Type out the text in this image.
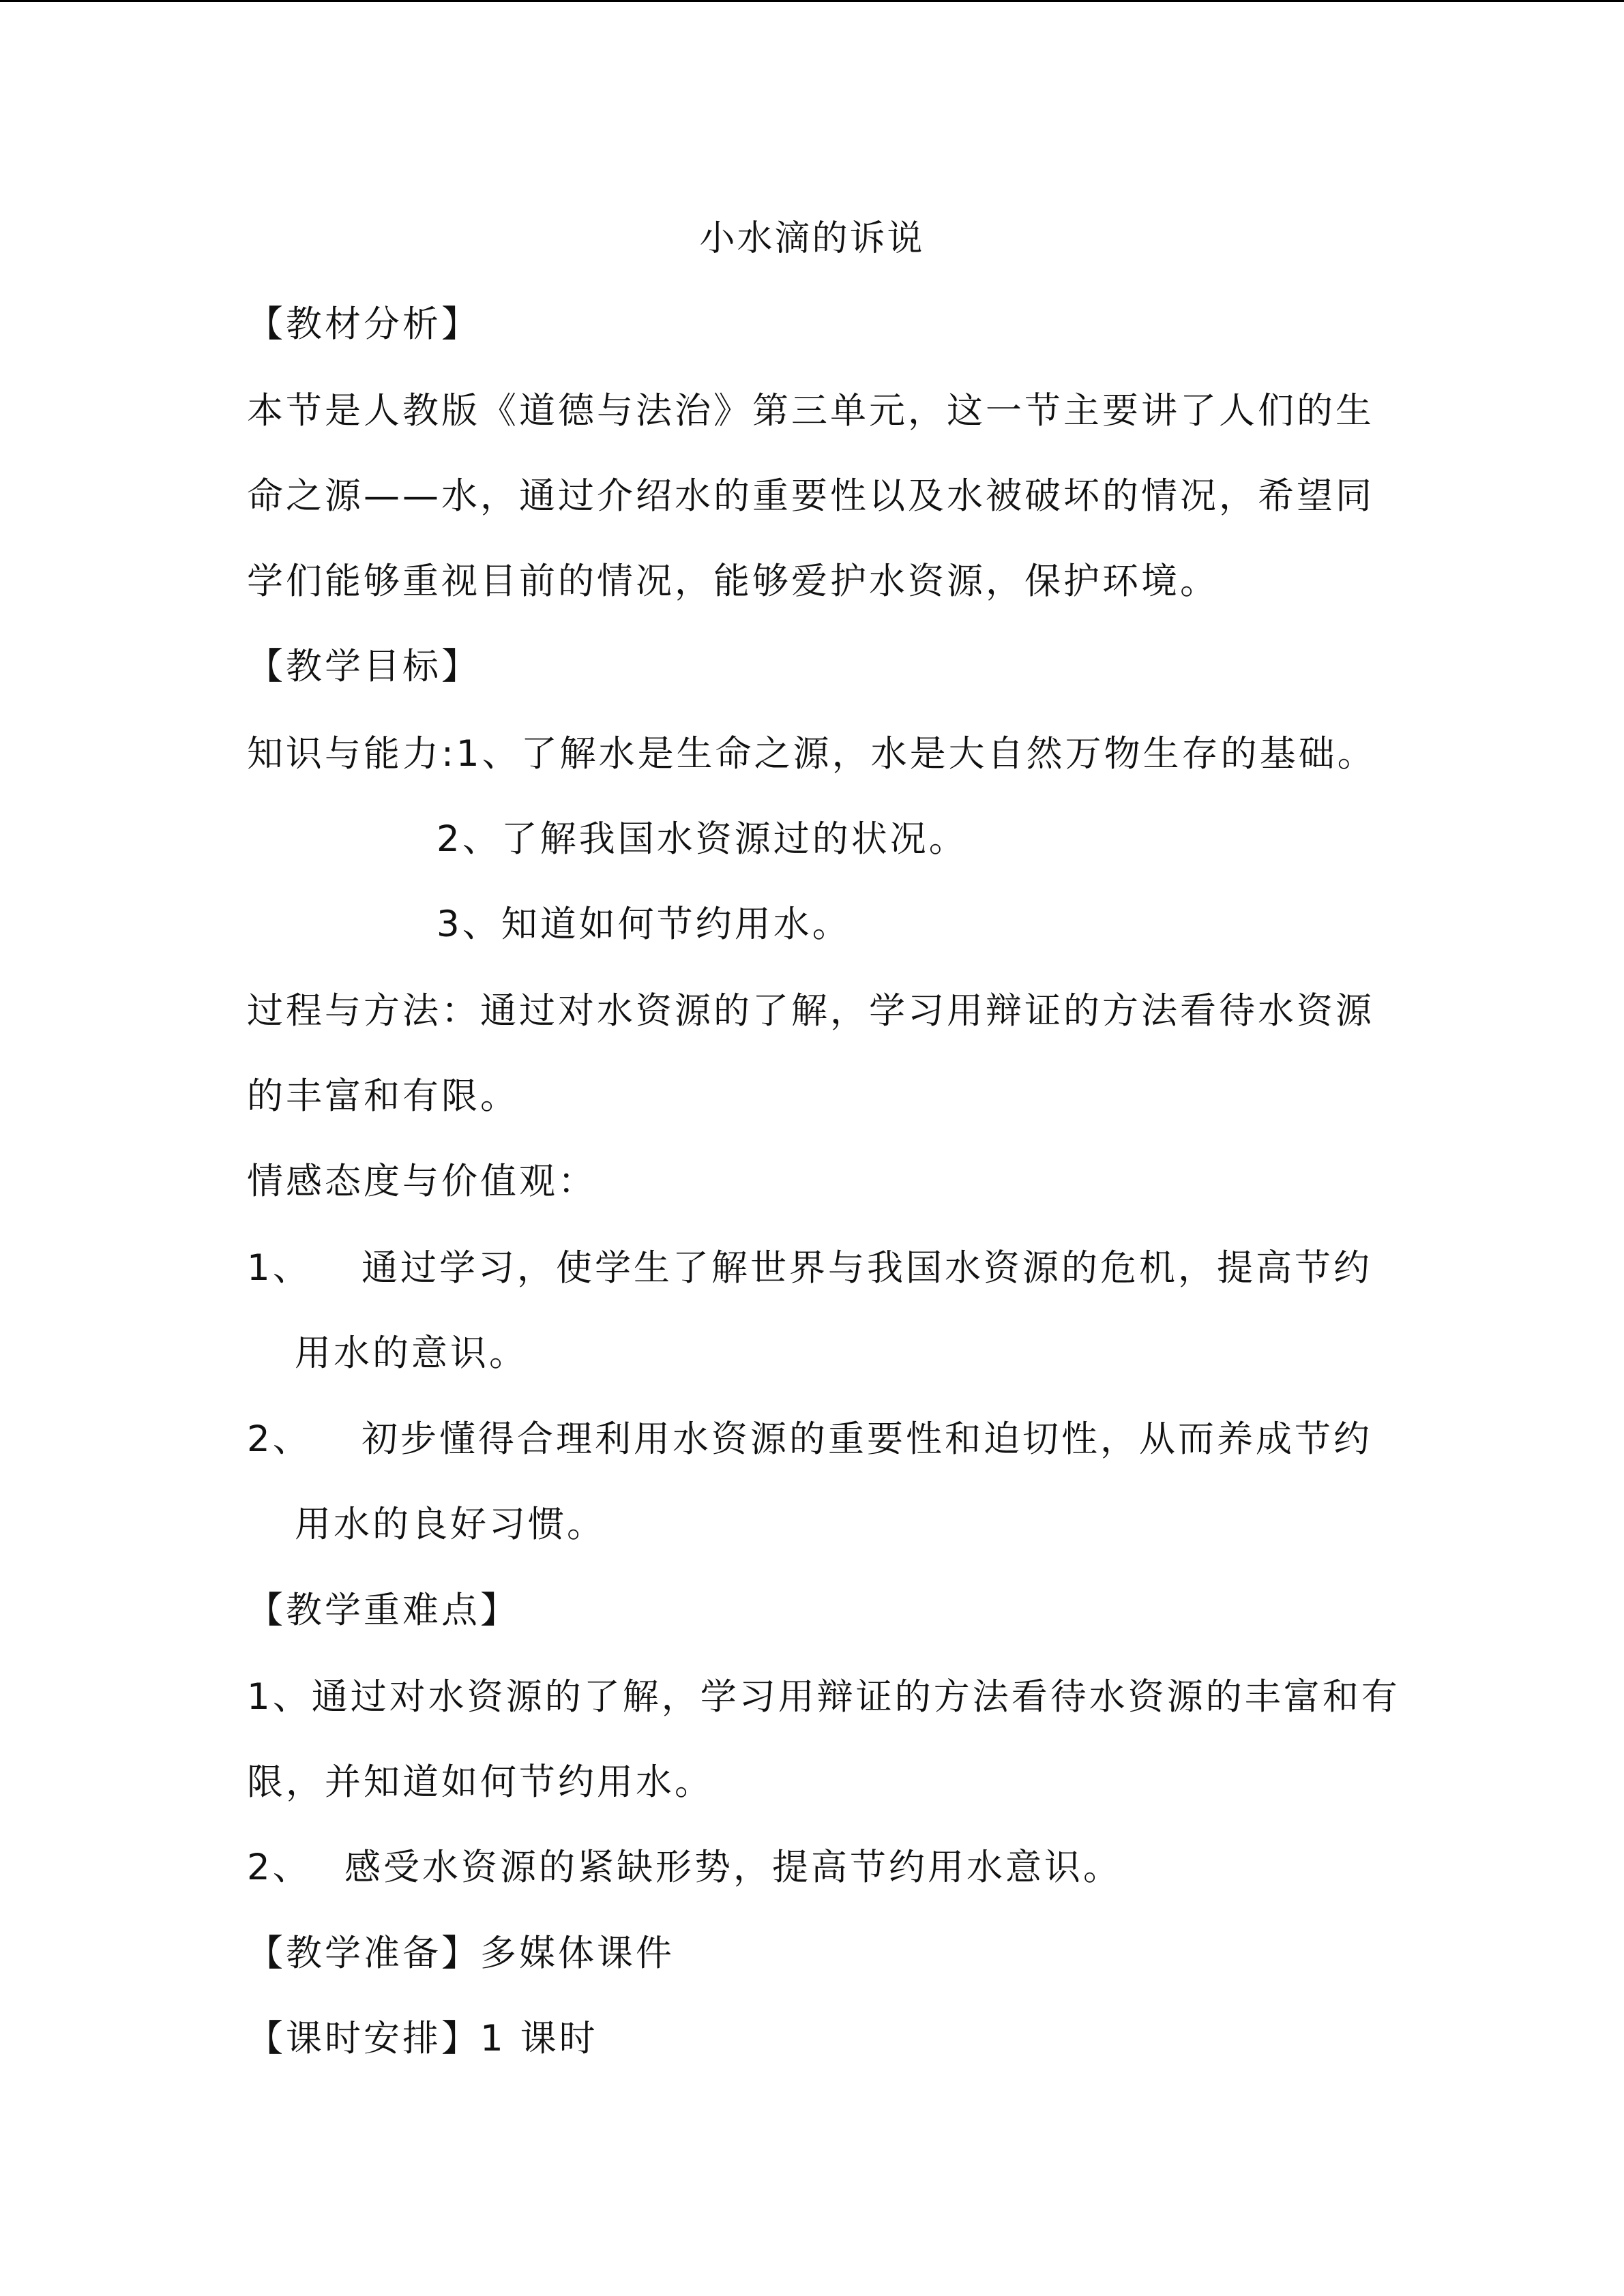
小水滴的诉说
【教材分析】
本节是人教版《道德与法治》第三单元，这一节主要讲了人们的生
命之源——水，通过介绍水的重要性以及水被破坏的情况，希望同
学们能够重视目前的情况，能够爱护水资源，保护环境。
【教学目标】
知识与能力:1、了解水是生命之源，水是大自然万物生存的基础。
2、了解我国水资源过的状况。
3、知道如何节约用水。
过程与方法：通过对水资源的了解，学习用辩证的方法看待水资源
的丰富和有限。
情感态度与价值观：
1、 通过学习，使学生了解世界与我国水资源的危机，提高节约
用水的意识。
2、 初步懂得合理利用水资源的重要性和迫切性，从而养成节约
用水的良好习惯。
【教学重难点】
1、通过对水资源的了解，学习用辩证的方法看待水资源的丰富和有
限，并知道如何节约用水。
2、 感受水资源的紧缺形势，提高节约用水意识。
【教学准备】多媒体课件
【课时安排】1 课时
